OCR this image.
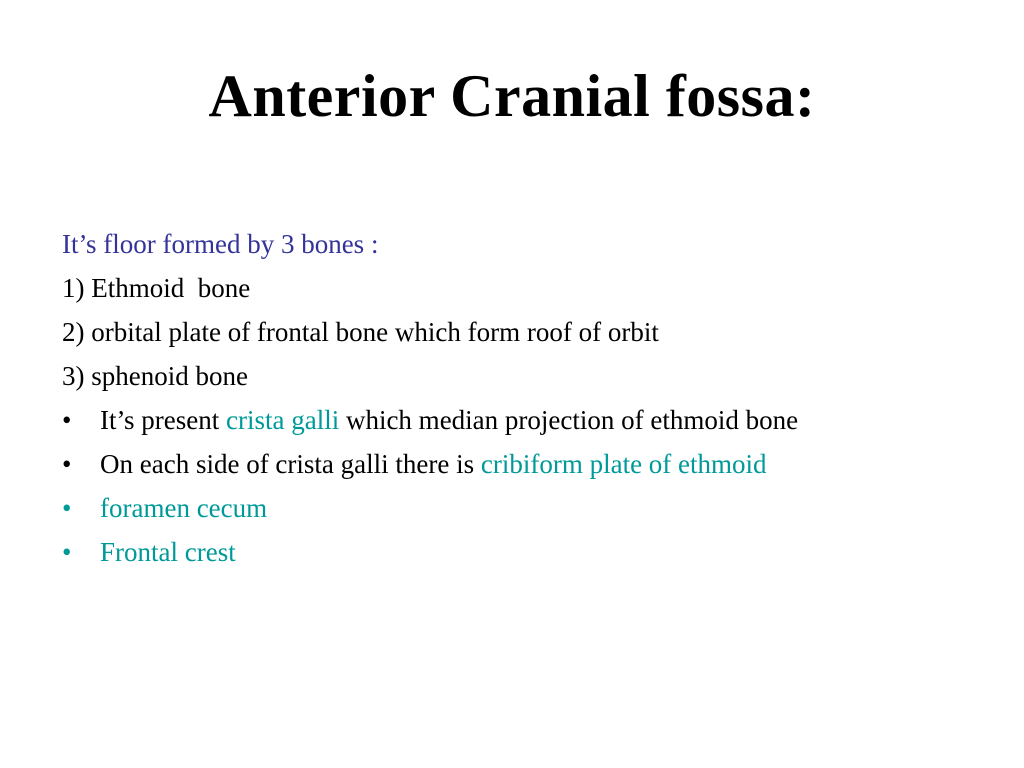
Anterior Cranial fossa:
It’s floor formed by 3 bones :
1) Ethmoid  bone
2) orbital plate of frontal bone which form roof of orbit
3) sphenoid bone
•	It’s present crista galli which median projection of ethmoid bone
•	On each side of crista galli there is cribiform plate of ethmoid
•	foramen cecum
•	Frontal crest
